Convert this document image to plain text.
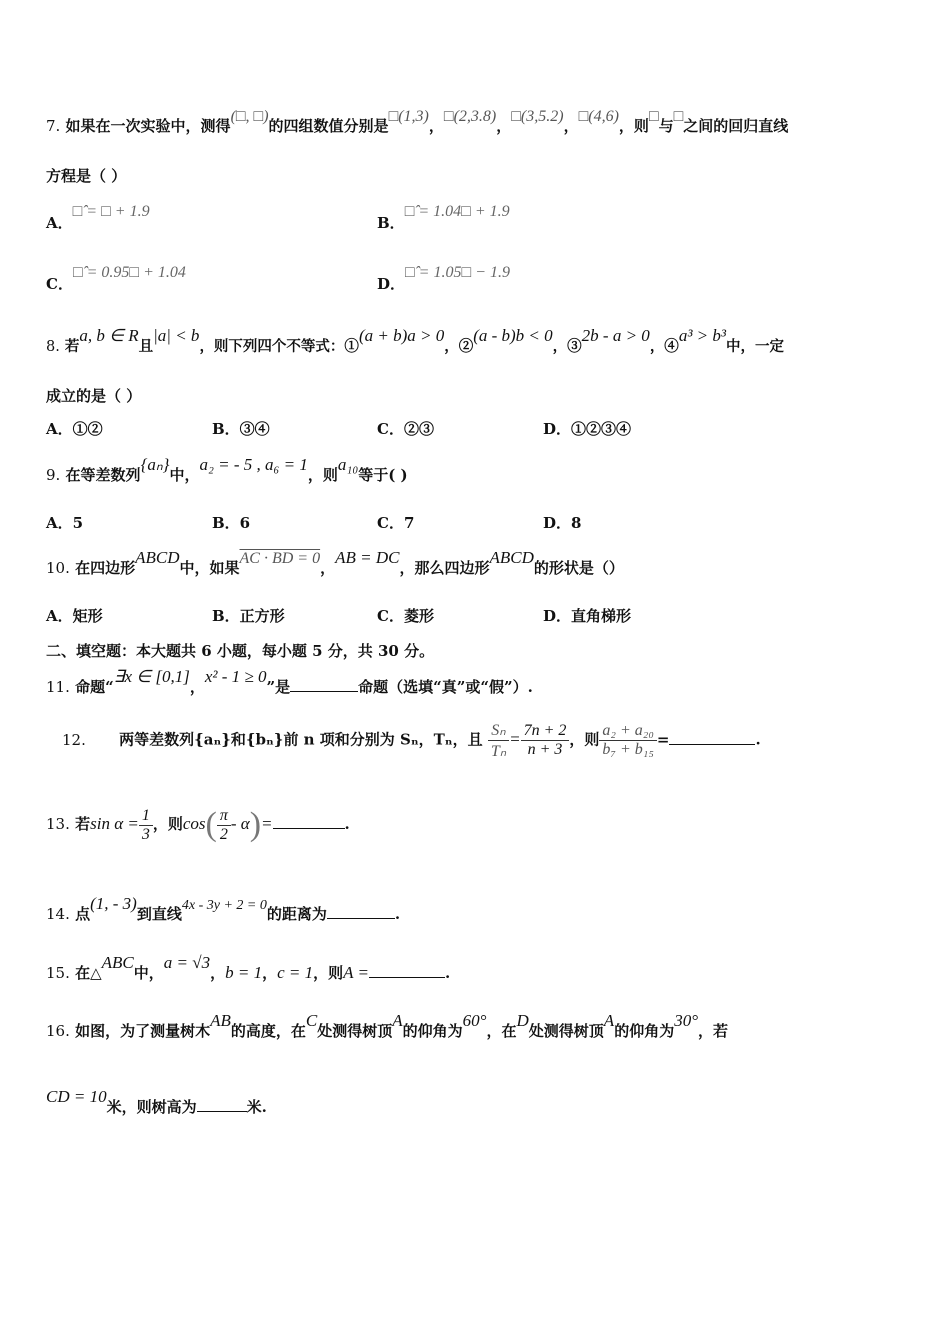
7. 如果在一次实验中，测得(□, □)的四组数值分别是□(1,3)，□(2,3.8)，□(3,5.2)，□(4,6)，则□与□之间的回归直线
方程是（ ）
A．□̂ = □ + 1.9
B．□̂ = 1.04□ + 1.9
C．□̂ = 0.95□ + 1.04
D．□̂ = 1.05□ − 1.9
8. 若a, b ∈ R且|a| < b，则下列四个不等式：①(a + b)a > 0，②(a - b)b < 0，③2b - a > 0，④a³ > b³中，一定
成立的是（ ）
A．①②	B．③④	C．②③	D．①②③④
9. 在等差数列{aₙ}中，a₂ = - 5 , a₆ = 1，则a₁₀等于( )
A．5	B．6	C．7	D．8
10. 在四边形ABCD中，如果AC · BD = 0，AB = DC，那么四边形ABCD的形状是（）
A．矩形	B．正方形	C．菱形	D．直角梯形
二、填空题：本大题共 6 小题，每小题 5 分，共 30 分。
11. 命题“∃x ∈ [0,1]，x² - 1 ≥ 0”是	命题（选填“真”或“假”）.
12. 两等差数列{aₙ}和{bₙ}前 n 项和分别为 Sₙ，Tₙ，且 $\frac{\text{Sₙ}}{\text{Tₙ}} = \frac{7n + 2}{n + 3}$ ，则 $\frac{\text{a₂ + a₂₀}}{\text{b₇ + b₁₅}}$ =	.
13. 若$\sin \alpha = \frac{1}{3}$ ，则$\cos( \frac{\pi}{2} - \alpha)=$	.
14. 点(1, - 3)到直线4x - 3y + 2 = 0的距离为	.
15. 在△ABC中，a = √3，b = 1，c = 1，则A =	.
16. 如图，为了测量树木AB的高度，在C处测得树顶A的仰角为60°，在D处测得树顶A的仰角为30°，若
CD = 10米，则树高为	米.
